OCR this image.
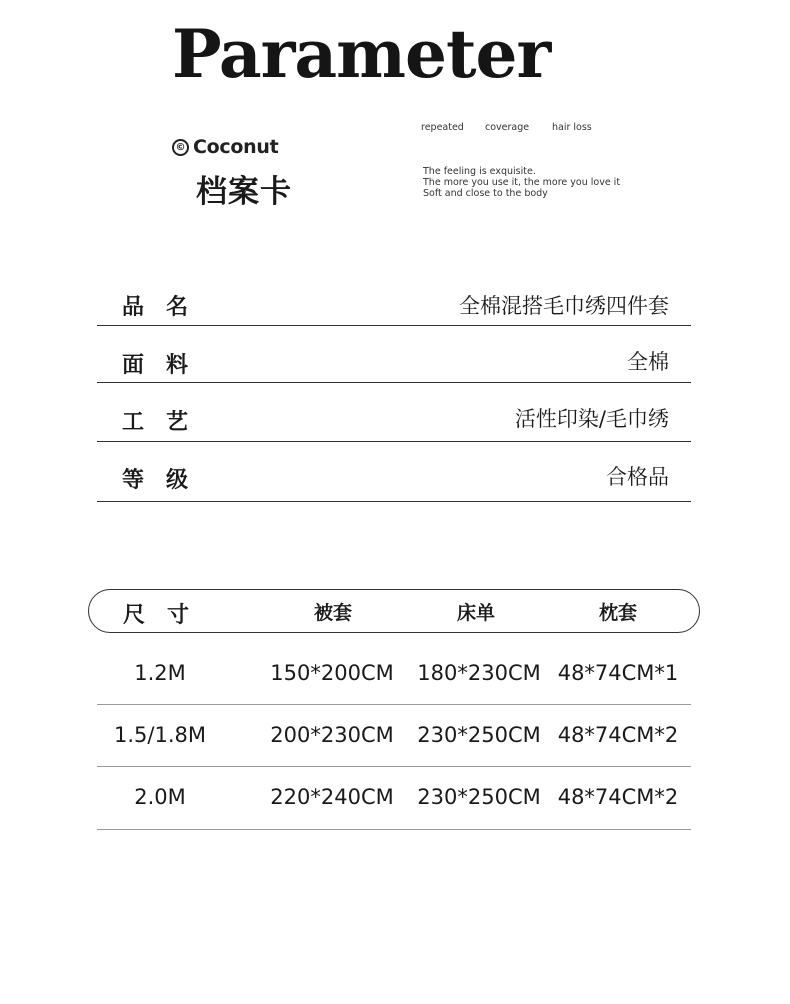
Parameter
© Coconut
档案卡
repeated coverage hair loss
The feeling is exquisite.
The more you use it, the more you love it
Soft and close to the body
品名	全棉混搭毛巾绣四件套
面料	全棉
工艺	活性印染/毛巾绣
等级	合格品
尺寸	被套	床单	枕套
1.2M	150*200CM 180*230CM 48*74CM*1
1.5/1.8M	200*230CM 230*250CM 48*74CM*2
2.0M	220*240CM 230*250CM 48*74CM*2
